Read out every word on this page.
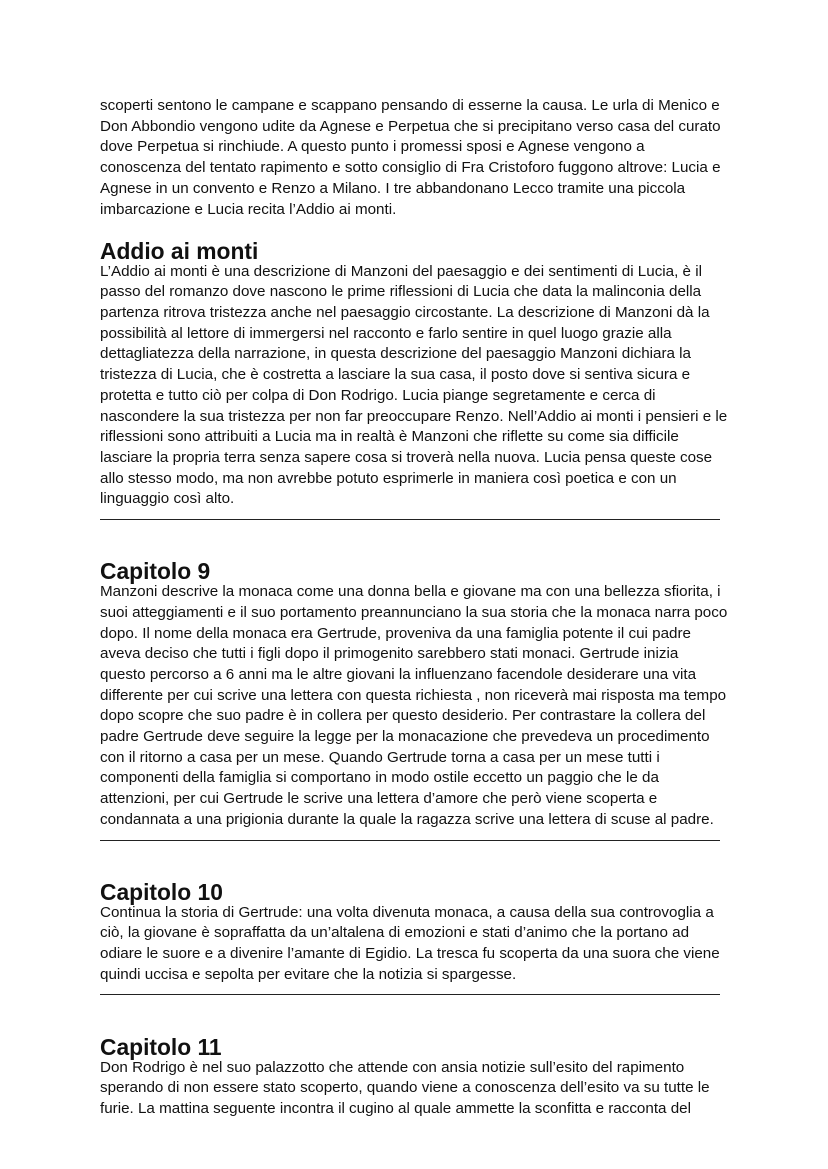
scoperti sentono le campane e scappano pensando di esserne la causa. Le urla di Menico e Don Abbondio vengono udite da Agnese e Perpetua che si precipitano verso casa del curato dove Perpetua si rinchiude. A questo punto i promessi sposi e Agnese vengono a conoscenza del tentato rapimento e sotto consiglio di Fra Cristoforo fuggono altrove: Lucia e Agnese in un convento e Renzo a Milano. I tre abbandonano Lecco tramite una piccola imbarcazione e Lucia recita l’Addio ai monti.

Addio ai monti

L’Addio ai monti è una descrizione di Manzoni del paesaggio e dei sentimenti di Lucia, è il passo del romanzo dove nascono le prime riflessioni di Lucia che data la malinconia della partenza ritrova tristezza anche nel paesaggio circostante. La descrizione di Manzoni dà la possibilità al lettore di immergersi nel racconto e farlo sentire in quel luogo grazie alla dettagliatezza della narrazione, in questa descrizione del paesaggio Manzoni dichiara la tristezza di Lucia, che è costretta a lasciare la sua casa, il posto dove si sentiva sicura e protetta e tutto ciò per colpa di Don Rodrigo. Lucia piange segretamente e cerca di nascondere la sua tristezza per non far preoccupare Renzo. Nell’Addio ai monti i pensieri e le riflessioni sono attribuiti a Lucia ma in realtà è Manzoni che riflette su come sia difficile lasciare la propria terra senza sapere cosa si troverà nella nuova. Lucia pensa queste cose allo stesso modo, ma non avrebbe potuto esprimerle in maniera così poetica e con un linguaggio così alto.

Capitolo 9

Manzoni descrive la monaca come una donna bella e giovane ma con una bellezza sfiorita, i suoi atteggiamenti e il suo portamento preannunciano la sua storia che la monaca narra poco dopo. Il nome della monaca era Gertrude, proveniva da una famiglia potente il cui padre aveva deciso che tutti i figli dopo il primogenito sarebbero stati monaci. Gertrude inizia questo percorso a 6 anni ma le altre giovani la influenzano facendole desiderare una vita differente per cui scrive una lettera con questa richiesta , non riceverà mai risposta ma tempo dopo scopre che suo padre è in collera per questo desiderio. Per contrastare la collera del padre Gertrude deve seguire la legge per la monacazione che prevedeva un procedimento con il ritorno a casa per un mese. Quando Gertrude torna a casa per un mese tutti i componenti della famiglia si comportano in modo ostile eccetto un paggio che le da attenzioni, per cui Gertrude le scrive una lettera d’amore che però viene scoperta e condannata a una prigionia durante la quale la ragazza scrive una lettera di scuse al padre.

Capitolo 10

Continua la storia di Gertrude: una volta divenuta monaca, a causa della sua controvoglia a ciò, la giovane è sopraffatta da un’altalena di emozioni e stati d’animo che la portano ad odiare le suore e a divenire l’amante di Egidio. La tresca fu scoperta da una suora che viene quindi uccisa e sepolta per evitare che la notizia si spargesse.

Capitolo 11

Don Rodrigo è nel suo palazzotto che attende con ansia notizie sull’esito del rapimento sperando di non essere stato scoperto, quando viene a conoscenza dell’esito va su tutte le furie. La mattina seguente incontra il cugino al quale ammette la sconfitta e racconta del
